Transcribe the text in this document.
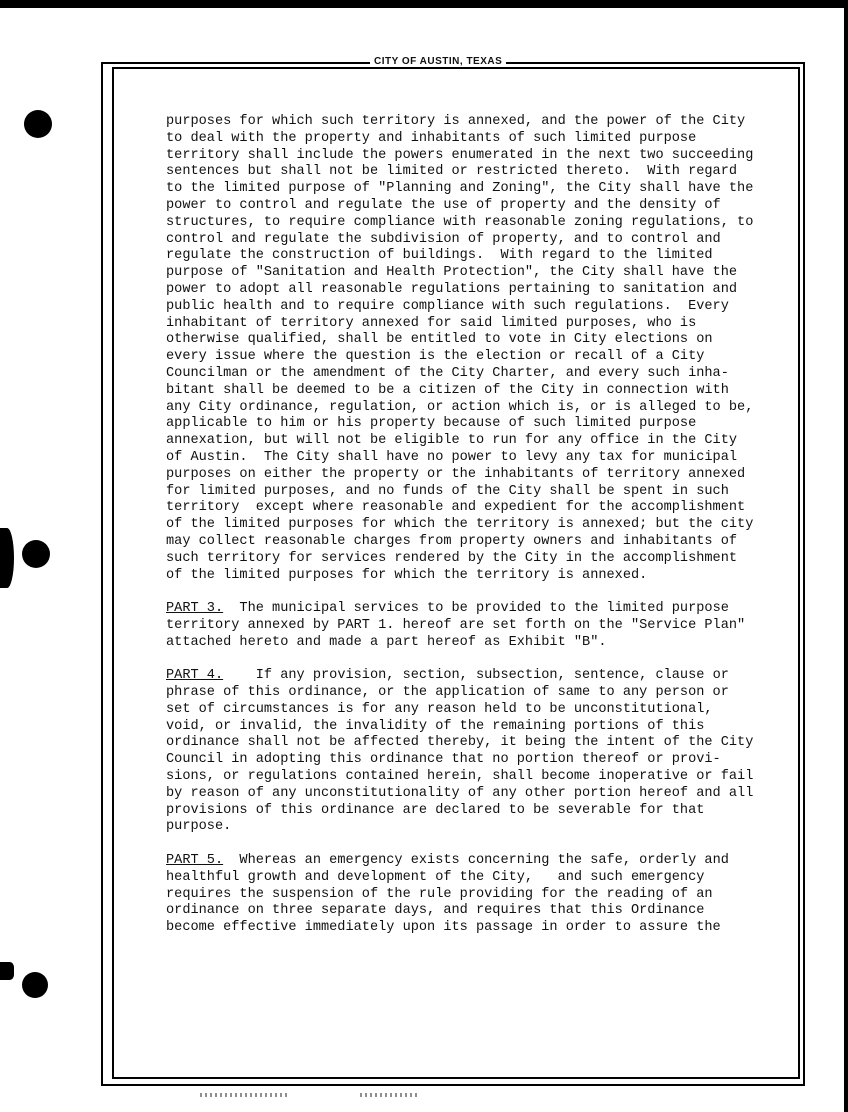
CITY OF AUSTIN, TEXAS
purposes for which such territory is annexed, and the power of the City
to deal with the property and inhabitants of such limited purpose
territory shall include the powers enumerated in the next two succeeding
sentences but shall not be limited or restricted thereto.  With regard
to the limited purpose of "Planning and Zoning", the City shall have the
power to control and regulate the use of property and the density of
structures, to require compliance with reasonable zoning regulations, to
control and regulate the subdivision of property, and to control and
regulate the construction of buildings.  With regard to the limited
purpose of "Sanitation and Health Protection", the City shall have the
power to adopt all reasonable regulations pertaining to sanitation and
public health and to require compliance with such regulations.  Every
inhabitant of territory annexed for said limited purposes, who is
otherwise qualified, shall be entitled to vote in City elections on
every issue where the question is the election or recall of a City
Councilman or the amendment of the City Charter, and every such inha-
bitant shall be deemed to be a citizen of the City in connection with
any City ordinance, regulation, or action which is, or is alleged to be,
applicable to him or his property because of such limited purpose
annexation, but will not be eligible to run for any office in the City
of Austin.  The City shall have no power to levy any tax for municipal
purposes on either the property or the inhabitants of territory annexed
for limited purposes, and no funds of the City shall be spent in such
territory  except where reasonable and expedient for the accomplishment
of the limited purposes for which the territory is annexed; but the city
may collect reasonable charges from property owners and inhabitants of
such territory for services rendered by the City in the accomplishment
of the limited purposes for which the territory is annexed.
PART 3.  The municipal services to be provided to the limited purpose
territory annexed by PART 1. hereof are set forth on the "Service Plan"
attached hereto and made a part hereof as Exhibit "B".
PART 4.    If any provision, section, subsection, sentence, clause or
phrase of this ordinance, or the application of same to any person or
set of circumstances is for any reason held to be unconstitutional,
void, or invalid, the invalidity of the remaining portions of this
ordinance shall not be affected thereby, it being the intent of the City
Council in adopting this ordinance that no portion thereof or provi-
sions, or regulations contained herein, shall become inoperative or fail
by reason of any unconstitutionality of any other portion hereof and all
provisions of this ordinance are declared to be severable for that
purpose.
PART 5.  Whereas an emergency exists concerning the safe, orderly and
healthful growth and development of the City,   and such emergency
requires the suspension of the rule providing for the reading of an
ordinance on three separate days, and requires that this Ordinance
become effective immediately upon its passage in order to assure the
